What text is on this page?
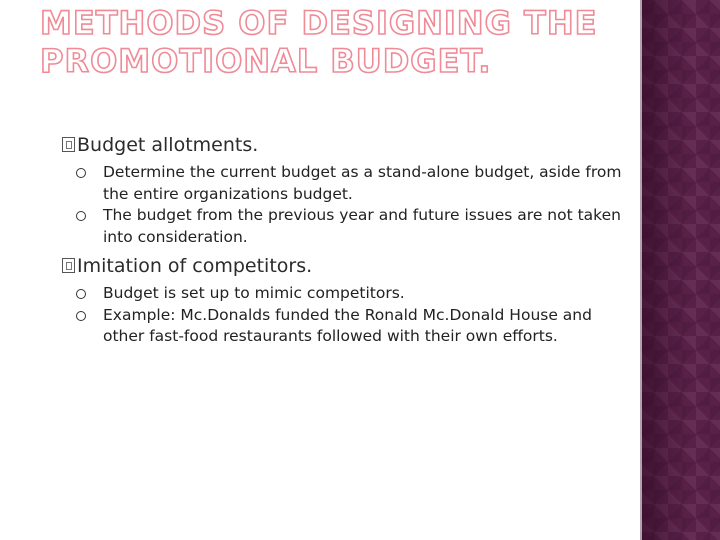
METHODS OF DESIGNING THE
PROMOTIONAL BUDGET.
Budget allotments.
Determine the current budget as a stand-alone budget, aside from the entire organizations budget.
The budget from the previous year and future issues are not taken into consideration.
Imitation of competitors.
Budget is set up to mimic competitors.
Example: Mc.Donalds funded the Ronald Mc.Donald House and other fast-food restaurants followed with their own efforts.
